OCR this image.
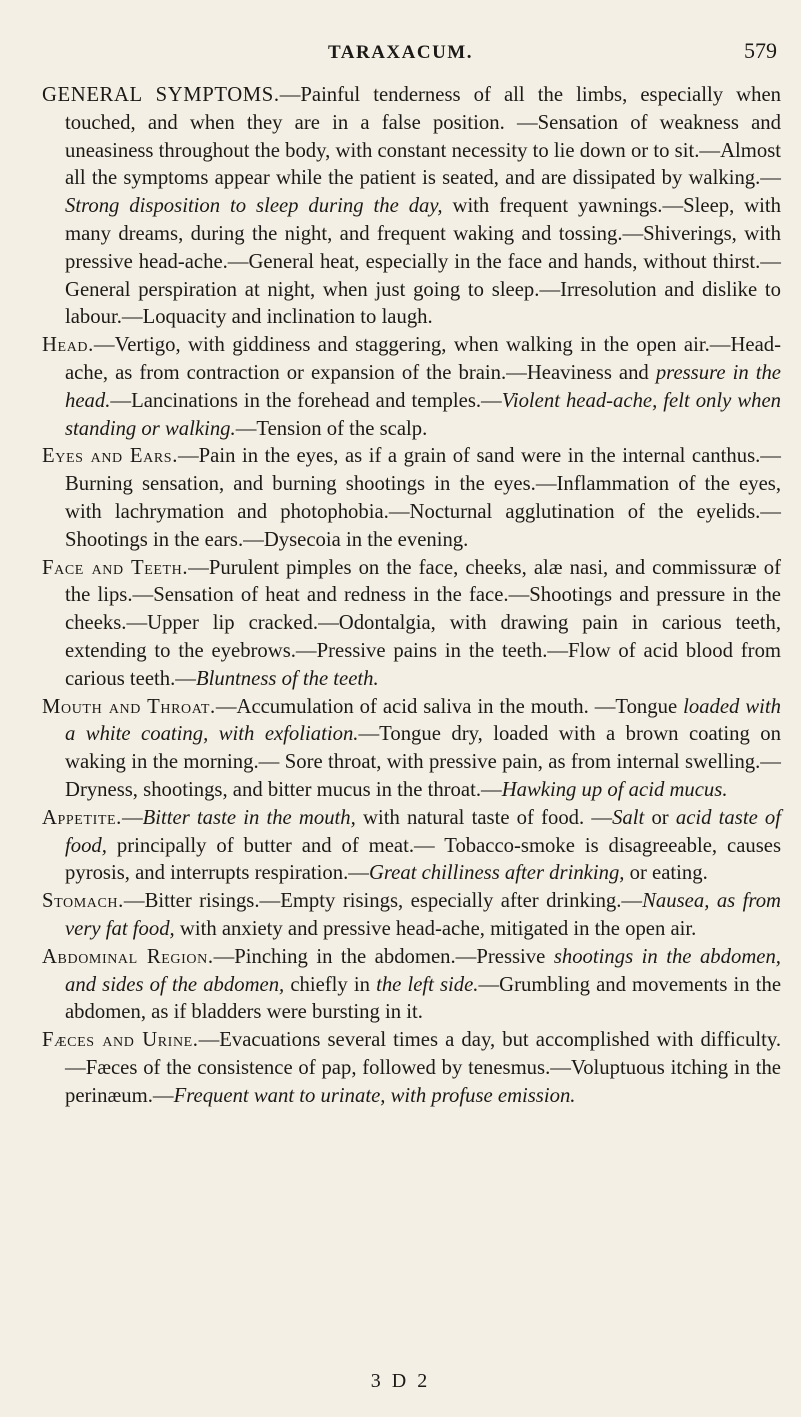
TARAXACUM.	579

GENERAL SYMPTOMS.—Painful tenderness of all the limbs, especially when touched, and when they are in a false position. —Sensation of weakness and uneasiness throughout the body, with constant necessity to lie down or to sit.—Almost all the symptoms appear while the patient is seated, and are dissipated by walking.—Strong disposition to sleep during the day, with frequent yawnings.—Sleep, with many dreams, during the night, and frequent waking and tossing.—Shiverings, with pressive head-ache.—General heat, especially in the face and hands, without thirst.—General perspiration at night, when just going to sleep.—Irresolution and dislike to labour.—Loquacity and inclination to laugh.

Head.—Vertigo, with giddiness and staggering, when walking in the open air.—Head-ache, as from contraction or expansion of the brain.—Heaviness and pressure in the head.—Lancinations in the forehead and temples.—Violent head-ache, felt only when standing or walking.—Tension of the scalp.

Eyes and Ears.—Pain in the eyes, as if a grain of sand were in the internal canthus.—Burning sensation, and burning shootings in the eyes.—Inflammation of the eyes, with lachrymation and photophobia.—Nocturnal agglutination of the eyelids.—Shootings in the ears.—Dysecoia in the evening.

Face and Teeth.—Purulent pimples on the face, cheeks, alæ nasi, and commissuræ of the lips.—Sensation of heat and redness in the face.—Shootings and pressure in the cheeks.—Upper lip cracked.—Odontalgia, with drawing pain in carious teeth, extending to the eyebrows.—Pressive pains in the teeth.—Flow of acid blood from carious teeth.—Bluntness of the teeth.

Mouth and Throat.—Accumulation of acid saliva in the mouth. —Tongue loaded with a white coating, with exfoliation.—Tongue dry, loaded with a brown coating on waking in the morning.— Sore throat, with pressive pain, as from internal swelling.— Dryness, shootings, and bitter mucus in the throat.—Hawking up of acid mucus.

Appetite.—Bitter taste in the mouth, with natural taste of food. —Salt or acid taste of food, principally of butter and of meat.— Tobacco-smoke is disagreeable, causes pyrosis, and interrupts respiration.—Great chilliness after drinking, or eating.

Stomach.—Bitter risings.—Empty risings, especially after drinking.—Nausea, as from very fat food, with anxiety and pressive head-ache, mitigated in the open air.

Abdominal Region.—Pinching in the abdomen.—Pressive shootings in the abdomen, and sides of the abdomen, chiefly in the left side.—Grumbling and movements in the abdomen, as if bladders were bursting in it.

Fæces and Urine.—Evacuations several times a day, but accomplished with difficulty.—Fæces of the consistence of pap, followed by tenesmus.—Voluptuous itching in the perinæum.—Frequent want to urinate, with profuse emission.

3 D 2
